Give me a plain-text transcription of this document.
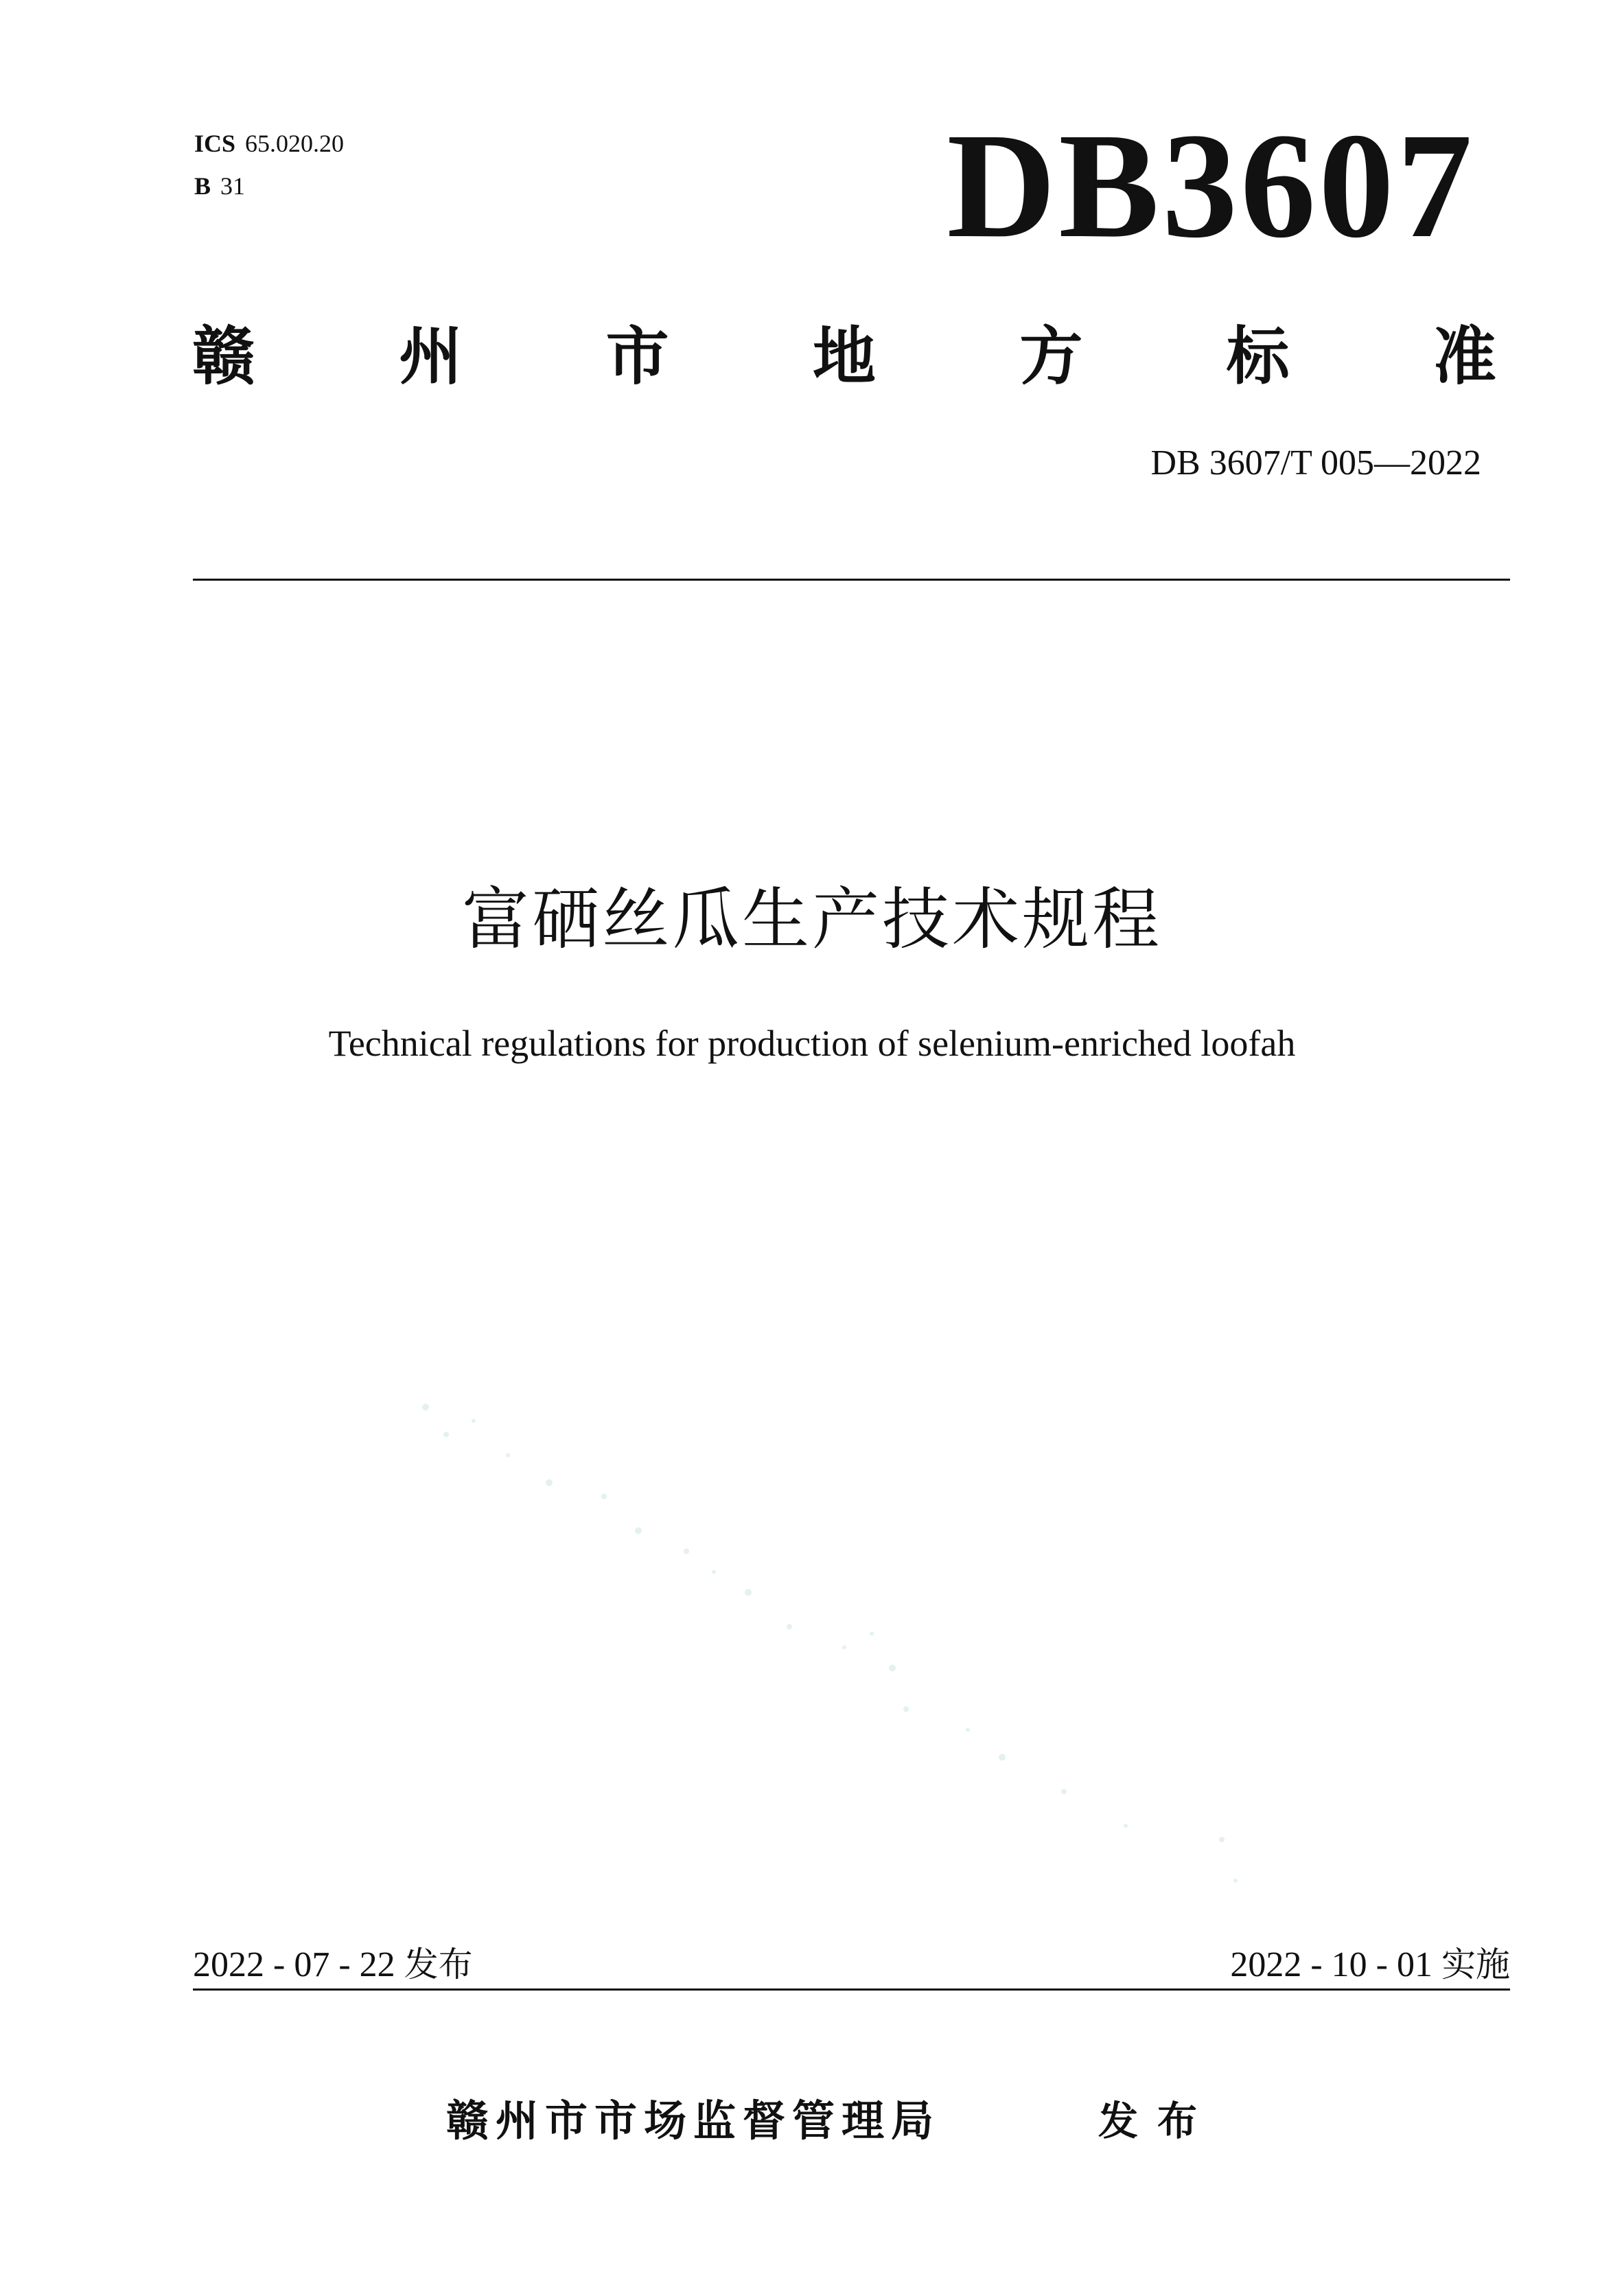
ICS 65.020.20
B 31	DB3607
赣 州 市 地 方 标 准
DB 3607/T 005—2022
富硒丝瓜生产技术规程
Technical regulations for production of selenium-enriched loofah
2022 - 07 - 22 发布	2022 - 10 - 01 实施
赣州市市场监督管理局	发布
